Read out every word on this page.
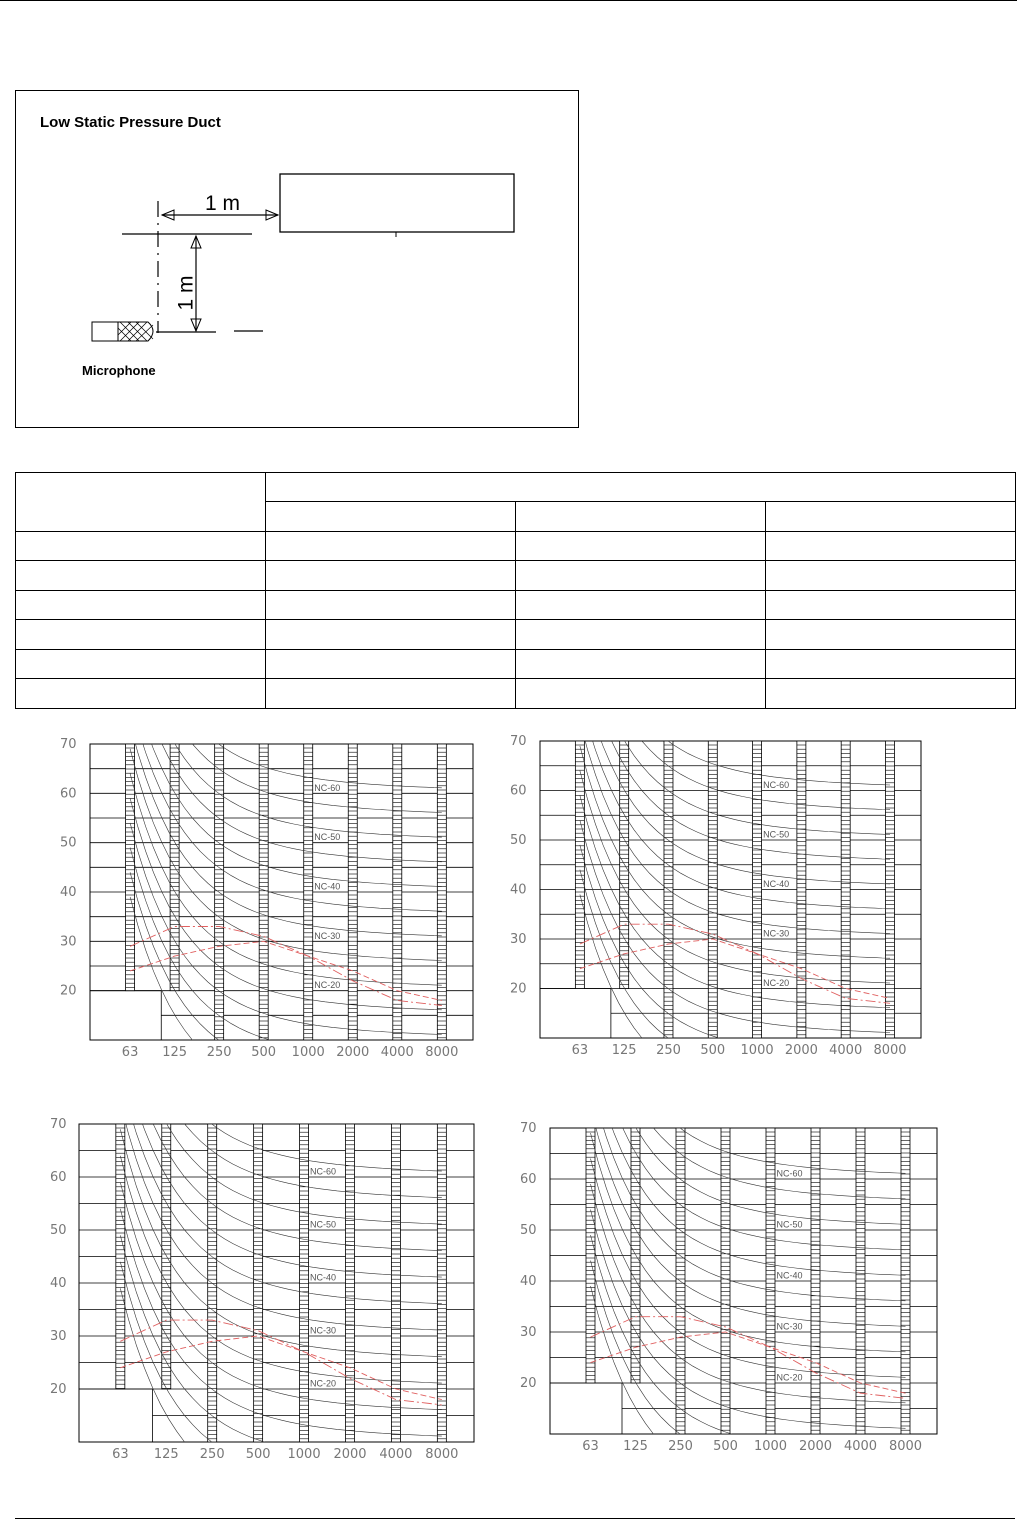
Low Static Pressure Duct
1 m
1 m
Microphone

NC-60
NC-50
NC-40
NC-30
NC-20
70
60
50
40
30
20
63 125 250 500 1000 2000 4000 8000
NC-60
NC-50
NC-40
NC-30
NC-20
70
60
50
40
30
20
63 125 250 500 1000 2000 4000 8000
NC-60
NC-50
NC-40
NC-30
NC-20
70
60
50
40
30
20
63 125 250 500 1000 2000 4000 8000
NC-60
NC-50
NC-40
NC-30
NC-20
70
60
50
40
30
20
63 125 250 500 1000 2000 4000 8000
